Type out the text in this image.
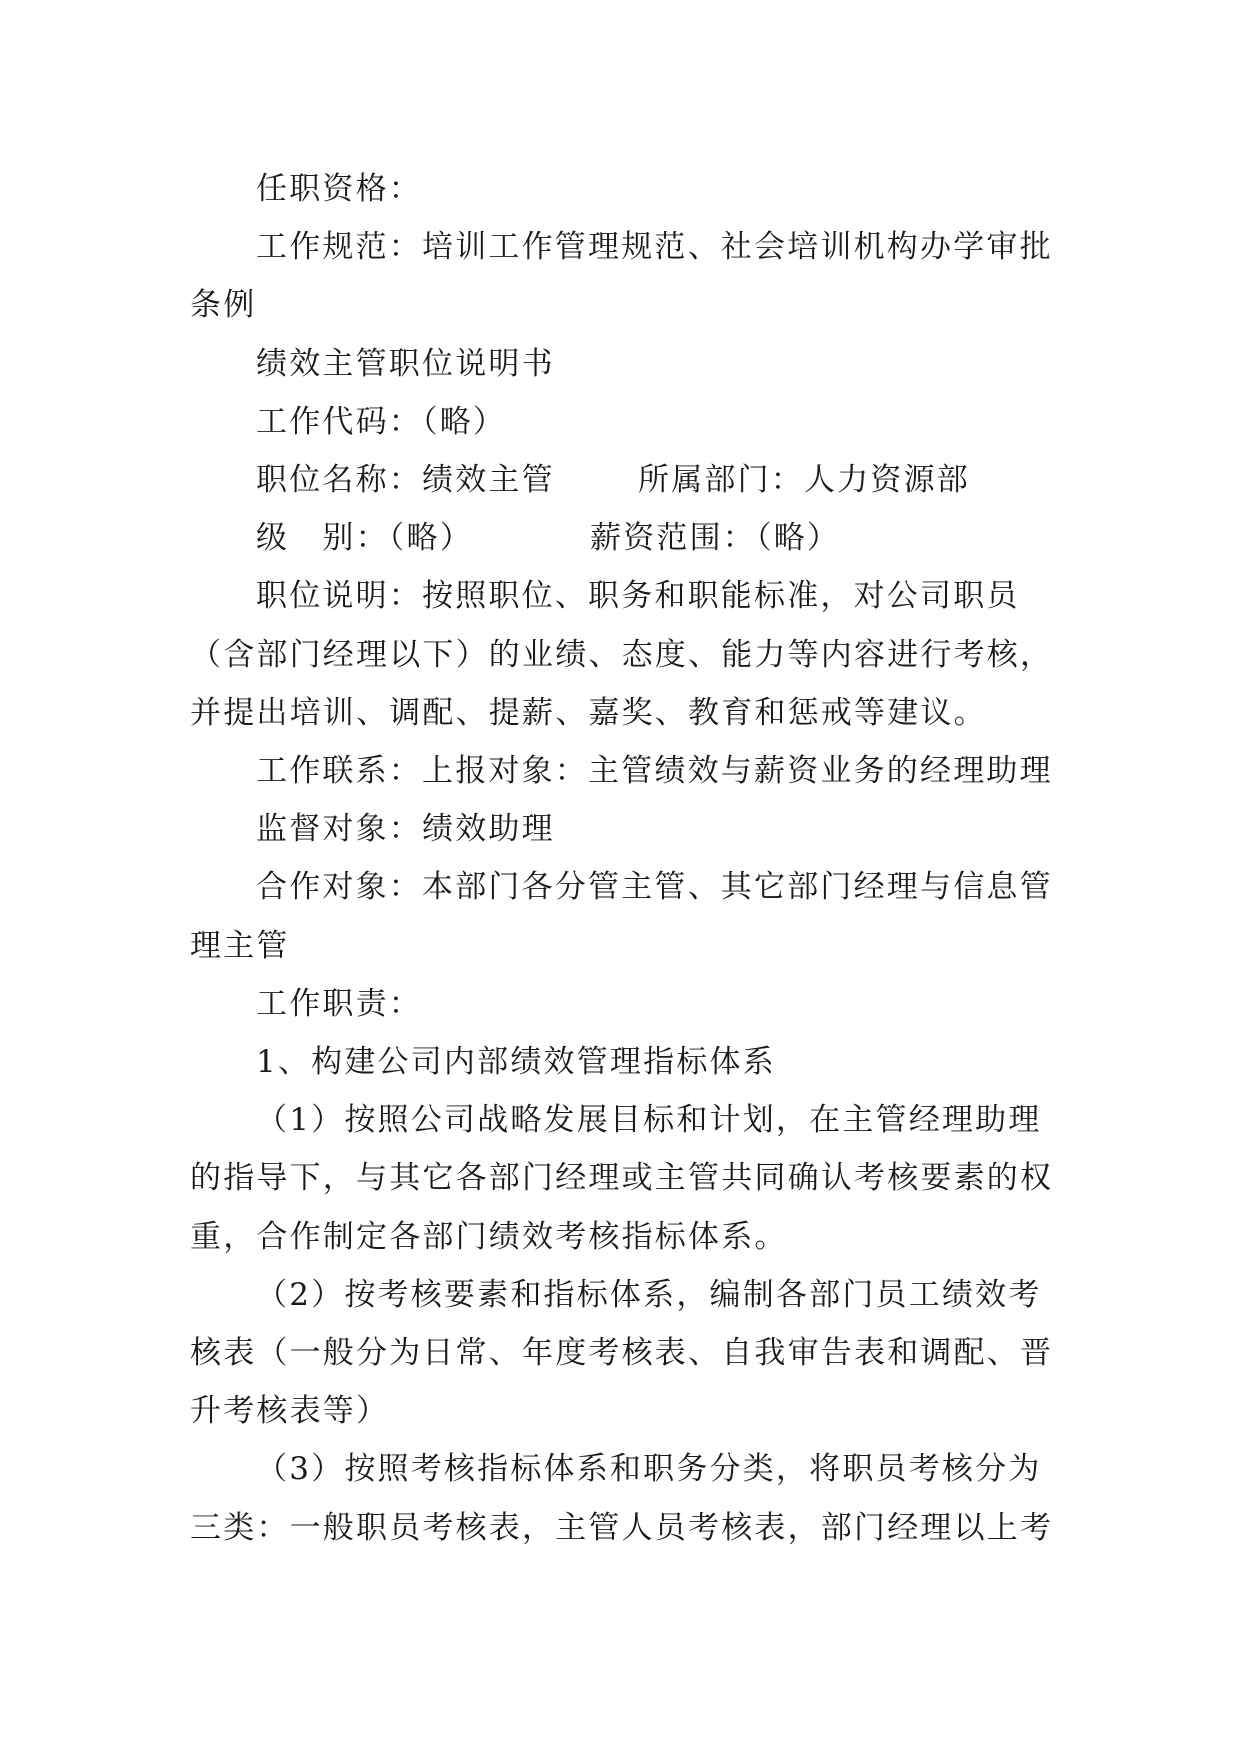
任职资格：

工作规范：培训工作管理规范、社会培训机构办学审批条例

绩效主管职位说明书

工作代码：（略）

职位名称：绩效主管	所属部门：人力资源部
级　别：（略）	薪资范围：（略）

职位说明：按照职位、职务和职能标准，对公司职员（含部门经理以下）的业绩、态度、能力等内容进行考核，并提出培训、调配、提薪、嘉奖、教育和惩戒等建议。

工作联系：上报对象：主管绩效与薪资业务的经理助理

监督对象：绩效助理

合作对象：本部门各分管主管、其它部门经理与信息管理主管

工作职责：

1、构建公司内部绩效管理指标体系

（1）按照公司战略发展目标和计划，在主管经理助理的指导下，与其它各部门经理或主管共同确认考核要素的权重，合作制定各部门绩效考核指标体系。

（2）按考核要素和指标体系，编制各部门员工绩效考核表（一般分为日常、年度考核表、自我审告表和调配、晋升考核表等）

（3）按照考核指标体系和职务分类，将职员考核分为三类：一般职员考核表，主管人员考核表，部门经理以上考
